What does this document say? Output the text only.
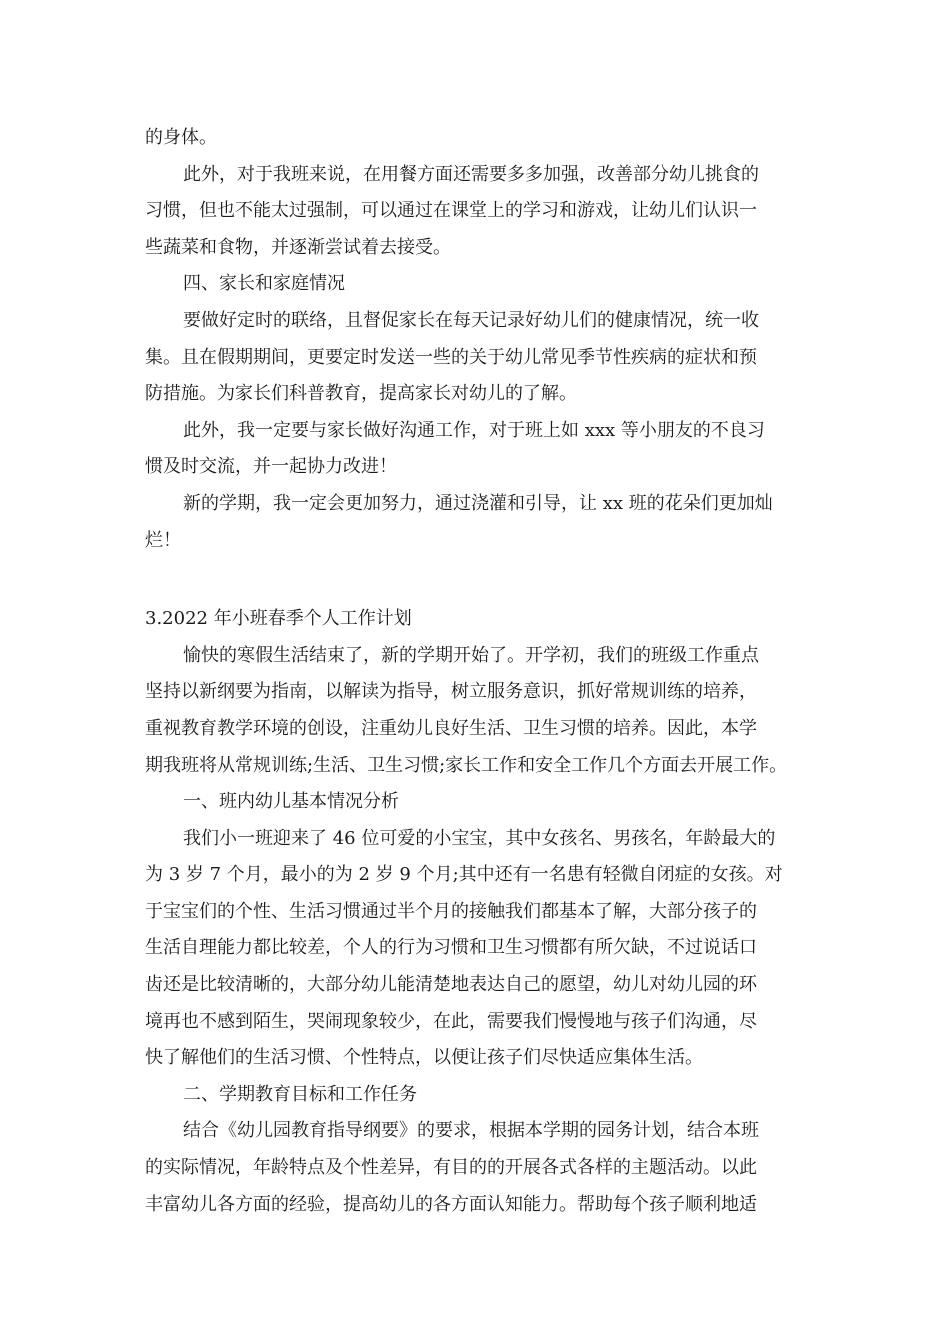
的身体。
此外，对于我班来说，在用餐方面还需要多多加强，改善部分幼儿挑食的
习惯，但也不能太过强制，可以通过在课堂上的学习和游戏，让幼儿们认识一
些蔬菜和食物，并逐渐尝试着去接受。
四、家长和家庭情况
要做好定时的联络，且督促家长在每天记录好幼儿们的健康情况，统一收
集。且在假期期间，更要定时发送一些的关于幼儿常见季节性疾病的症状和预
防措施。为家长们科普教育，提高家长对幼儿的了解。
此外，我一定要与家长做好沟通工作，对于班上如 xxx 等小朋友的不良习
惯及时交流，并一起协力改进！
新的学期，我一定会更加努力，通过浇灌和引导，让 xx 班的花朵们更加灿
烂！
3.2022 年小班春季个人工作计划
愉快的寒假生活结束了，新的学期开始了。开学初，我们的班级工作重点
坚持以新纲要为指南，以解读为指导，树立服务意识，抓好常规训练的培养，
重视教育教学环境的创设，注重幼儿良好生活、卫生习惯的培养。因此，本学
期我班将从常规训练;生活、卫生习惯;家长工作和安全工作几个方面去开展工作。
一、班内幼儿基本情况分析
我们小一班迎来了 46 位可爱的小宝宝，其中女孩名、男孩名，年龄最大的
为 3 岁 7 个月，最小的为 2 岁 9 个月;其中还有一名患有轻微自闭症的女孩。对
于宝宝们的个性、生活习惯通过半个月的接触我们都基本了解，大部分孩子的
生活自理能力都比较差，个人的行为习惯和卫生习惯都有所欠缺，不过说话口
齿还是比较清晰的，大部分幼儿能清楚地表达自己的愿望，幼儿对幼儿园的环
境再也不感到陌生，哭闹现象较少，在此，需要我们慢慢地与孩子们沟通，尽
快了解他们的生活习惯、个性特点，以便让孩子们尽快适应集体生活。
二、学期教育目标和工作任务
结合《幼儿园教育指导纲要》的要求，根据本学期的园务计划，结合本班
的实际情况，年龄特点及个性差异，有目的的开展各式各样的主题活动。以此
丰富幼儿各方面的经验，提高幼儿的各方面认知能力。帮助每个孩子顺利地适
